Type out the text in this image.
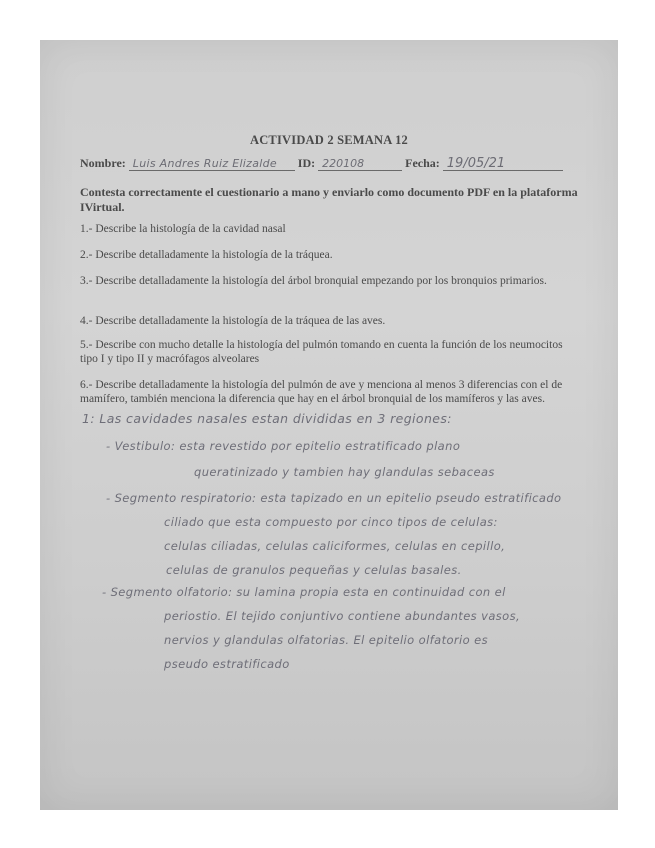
ACTIVIDAD 2 SEMANA 12
Nombre: Luis Andres Ruiz Elizalde ID: 220108	Fecha: 19/05/21
Contesta correctamente el cuestionario a mano y enviarlo como documento PDF en la plataforma IVirtual.
1.- Describe la histología de la cavidad nasal
2.- Describe detalladamente la histología de la tráquea.
3.- Describe detalladamente la histología del árbol bronquial empezando por los bronquios primarios.
4.- Describe detalladamente la histología de la tráquea de las aves.
5.- Describe con mucho detalle la histología del pulmón tomando en cuenta la función de los neumocitos tipo I y tipo II y macrófagos alveolares
6.- Describe detalladamente la histología del pulmón de ave y menciona al menos 3 diferencias con el de mamífero, también menciona la diferencia que hay en el árbol bronquial de los mamíferos y las aves.
1: Las cavidades nasales estan divididas en 3 regiones:
- Vestibulo: esta revestido por epitelio estratificado plano
queratinizado y tambien hay glandulas sebaceas
- Segmento respiratorio: esta tapizado en un epitelio pseudo estratificado
ciliado que esta compuesto por cinco tipos de celulas:
celulas ciliadas, celulas caliciformes, celulas en cepillo,
celulas de granulos pequeñas y celulas basales.
- Segmento olfatorio: su lamina propia esta en continuidad con el
periostio. El tejido conjuntivo contiene abundantes vasos,
nervios y glandulas olfatorias. El epitelio olfatorio es
pseudo estratificado
